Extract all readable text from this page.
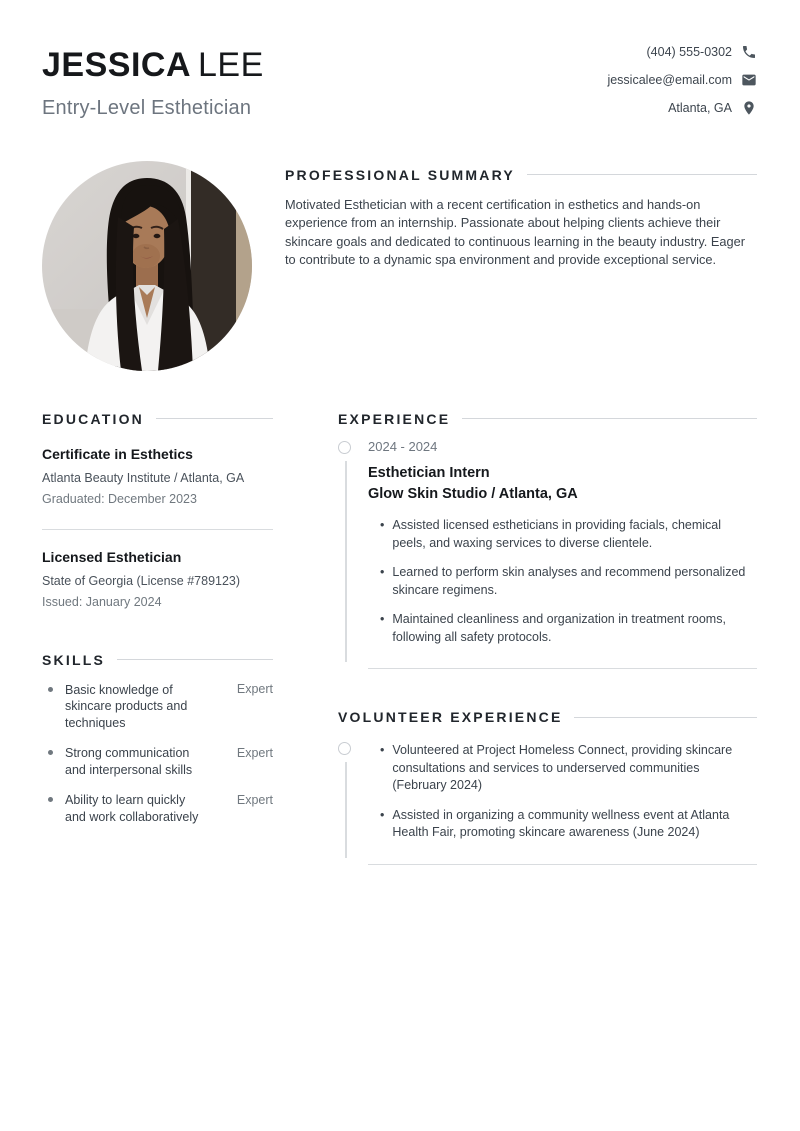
JESSICA LEE
Entry-Level Esthetician
(404) 555-0302
jessicalee@email.com
Atlanta, GA
PROFESSIONAL SUMMARY

Motivated Esthetician with a recent certification in esthetics and hands-on experience from an internship. Passionate about helping clients achieve their skincare goals and dedicated to continuous learning in the beauty industry. Eager to contribute to a dynamic spa environment and provide exceptional service.

EDUCATION
Certificate in Esthetics
Atlanta Beauty Institute / Atlanta, GA
Graduated: December 2023
Licensed Esthetician
State of Georgia (License #789123)
Issued: January 2024
SKILLS
Basic knowledge of skincare products and techniques
Expert
Strong communication and interpersonal skills
Expert
Ability to learn quickly and work collaboratively
Expert
EXPERIENCE
2024 - 2024
Esthetician Intern
Glow Skin Studio / Atlanta, GA
• Assisted licensed estheticians in providing facials, chemical peels, and waxing services to diverse clientele.
• Learned to perform skin analyses and recommend personalized skincare regimens.
• Maintained cleanliness and organization in treatment rooms, following all safety protocols.
VOLUNTEER EXPERIENCE
• Volunteered at Project Homeless Connect, providing skincare consultations and services to underserved communities (February 2024)
• Assisted in organizing a community wellness event at Atlanta Health Fair, promoting skincare awareness (June 2024)
